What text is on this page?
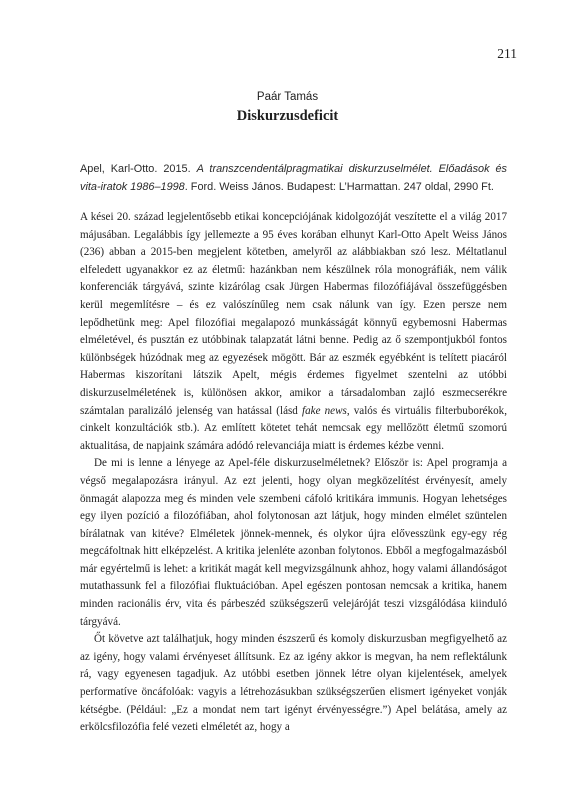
211
Paár Tamás
Diskurzusdeficit
Apel, Karl-Otto. 2015. A transzcendentálpragmatikai diskurzuselmélet. Előadások és vita-iratok 1986–1998. Ford. Weiss János. Budapest: L’Harmattan. 247 oldal, 2990 Ft.

A kései 20. század legjelentősebb etikai koncepciójának kidolgozóját veszítette el a világ 2017 májusában. Legalábbis így jellemezte a 95 éves korában elhunyt Karl-Otto Apelt Weiss János (236) abban a 2015-ben megjelent kötetben, amelyről az alábbiakban szó lesz. Méltatlanul elfeledett ugyanakkor ez az életmű: hazánkban nem készülnek róla monográfiák, nem válik konferenciák tárgyává, szinte kizárólag csak Jürgen Habermas filozófiájával összefüggésben kerül megemlítésre – és ez valószínűleg nem csak nálunk van így. Ezen persze nem lepődhetünk meg: Apel filozófiai megalapozó munkásságát könnyű egybemosni Habermas elméletével, és pusztán ez utóbbinak talapzatát látni benne. Pedig az ő szempontjukból fontos különbségek húzódnak meg az egyezések mögött. Bár az eszmék egyébként is telített piacáról Habermas kiszorítani látszik Apelt, mégis érdemes figyelmet szentelni az utóbbi diskurzuselméletének is, különösen akkor, amikor a társadalomban zajló eszmecserékre számtalan paralizáló jelenség van hatással (lásd fake news, valós és virtuális filterbuborékok, cinkelt konzultációk stb.). Az említett kötetet tehát nemcsak egy mellőzött életmű szomorú aktualitása, de napjaink számára adódó relevanciája miatt is érdemes kézbe venni.

De mi is lenne a lényege az Apel-féle diskurzuselméletnek? Először is: Apel programja a végső megalapozásra irányul. Az ezt jelenti, hogy olyan megközelítést érvényesít, amely önmagát alapozza meg és minden vele szembeni cáfoló kritikára immunis. Hogyan lehetséges egy ilyen pozíció a filozófiában, ahol folytonosan azt látjuk, hogy minden elmélet szüntelen bírálatnak van kitéve? Elméletek jönnek-mennek, és olykor újra elővesszünk egy-egy rég megcáfoltnak hitt elképzelést. A kritika jelenléte azonban folytonos. Ebből a megfogalmazásból már egyértelmű is lehet: a kritikát magát kell megvizsgálnunk ahhoz, hogy valami állandóságot mutathassunk fel a filozófiai fluktuációban. Apel egészen pontosan nemcsak a kritika, hanem minden racionális érv, vita és párbeszéd szükségszerű velejáróját teszi vizsgálódása kiinduló tárgyává.

Őt követve azt találhatjuk, hogy minden észszerű és komoly diskurzusban megfigyelhető az az igény, hogy valami érvényeset állítsunk. Ez az igény akkor is megvan, ha nem reflektálunk rá, vagy egyenesen tagadjuk. Az utóbbi esetben jönnek létre olyan kijelentések, amelyek performatíve öncáfolóak: vagyis a létrehozásukban szükségszerűen elismert igényeket vonják kétségbe. (Például: „Ez a mondat nem tart igényt érvényességre.”) Apel belátása, amely az erkölcsfilozófia felé vezeti elméletét az, hogy a
